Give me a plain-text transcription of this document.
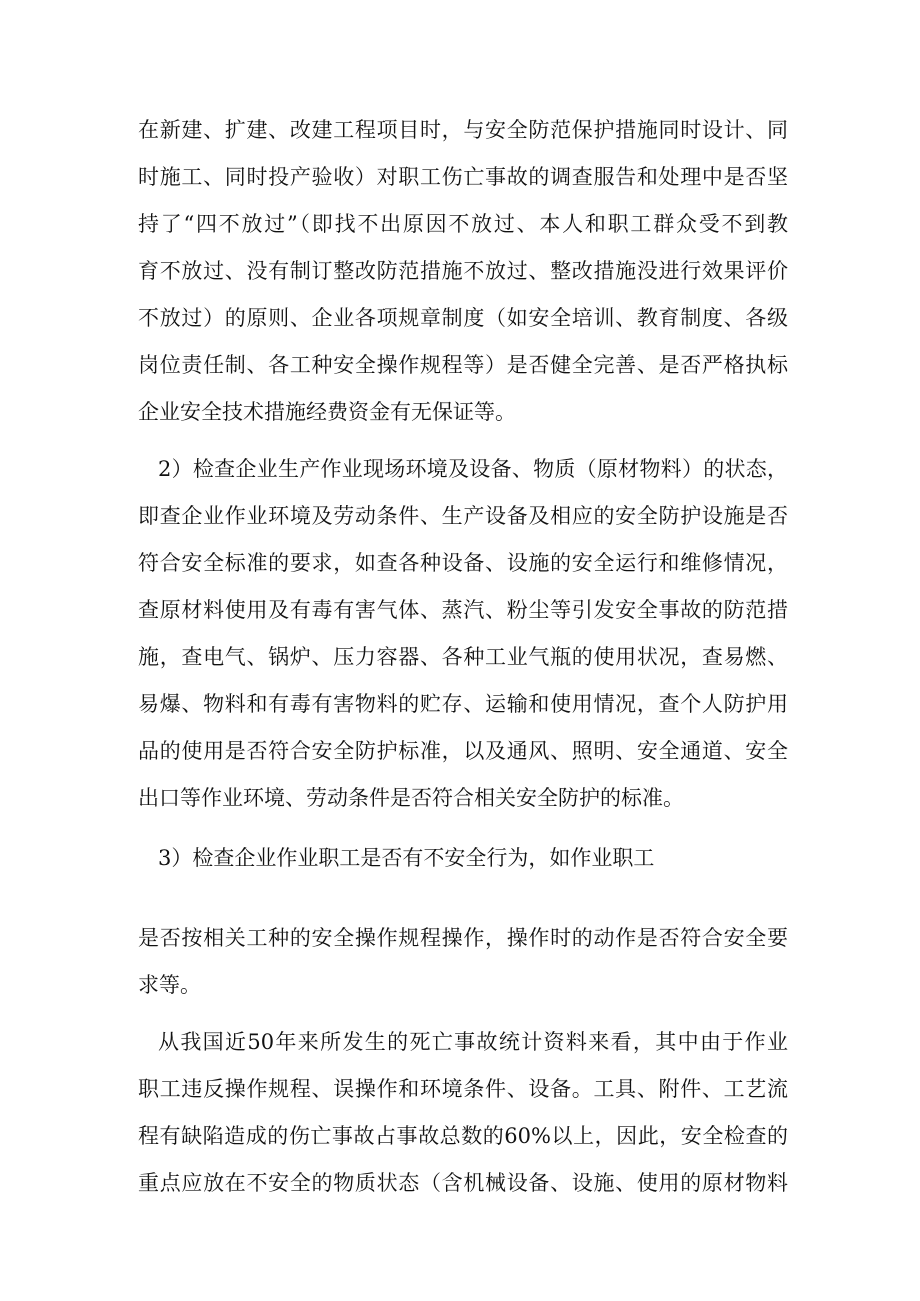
在新建、扩建、改建工程项目时，与安全防范保护措施同时设计、同
时施工、同时投产验收）对职工伤亡事故的调查服告和处理中是否坚
持了“四不放过”（即找不出原因不放过、本人和职工群众受不到教
育不放过、没有制订整改防范措施不放过、整改措施没进行效果评价
不放过）的原则、企业各项规章制度（如安全培训、教育制度、各级
岗位责任制、各工种安全操作规程等）是否健全完善、是否严格执标
企业安全技术措施经费资金有无保证等。
2）检查企业生产作业现场环境及设备、物质（原材物料）的状态，
即查企业作业环境及劳动条件、生产设备及相应的安全防护设施是否
符合安全标准的要求，如查各种设备、设施的安全运行和维修情况，
查原材料使用及有毒有害气体、蒸汽、粉尘等引发安全事故的防范措
施，查电气、锅炉、压力容器、各种工业气瓶的使用状况，查易燃、
易爆、物料和有毒有害物料的贮存、运输和使用情况，查个人防护用
品的使用是否符合安全防护标准，以及通风、照明、安全通道、安全
出口等作业环境、劳动条件是否符合相关安全防护的标准。
3）检查企业作业职工是否有不安全行为，如作业职工
是否按相关工种的安全操作规程操作，操作时的动作是否符合安全要
求等。
从我国近50年来所发生的死亡事故统计资料来看，其中由于作业
职工违反操作规程、误操作和环境条件、设备。工具、附件、工艺流
程有缺陷造成的伤亡事故占事故总数的60%以上，因此，安全检查的
重点应放在不安全的物质状态（含机械设备、设施、使用的原材物料
